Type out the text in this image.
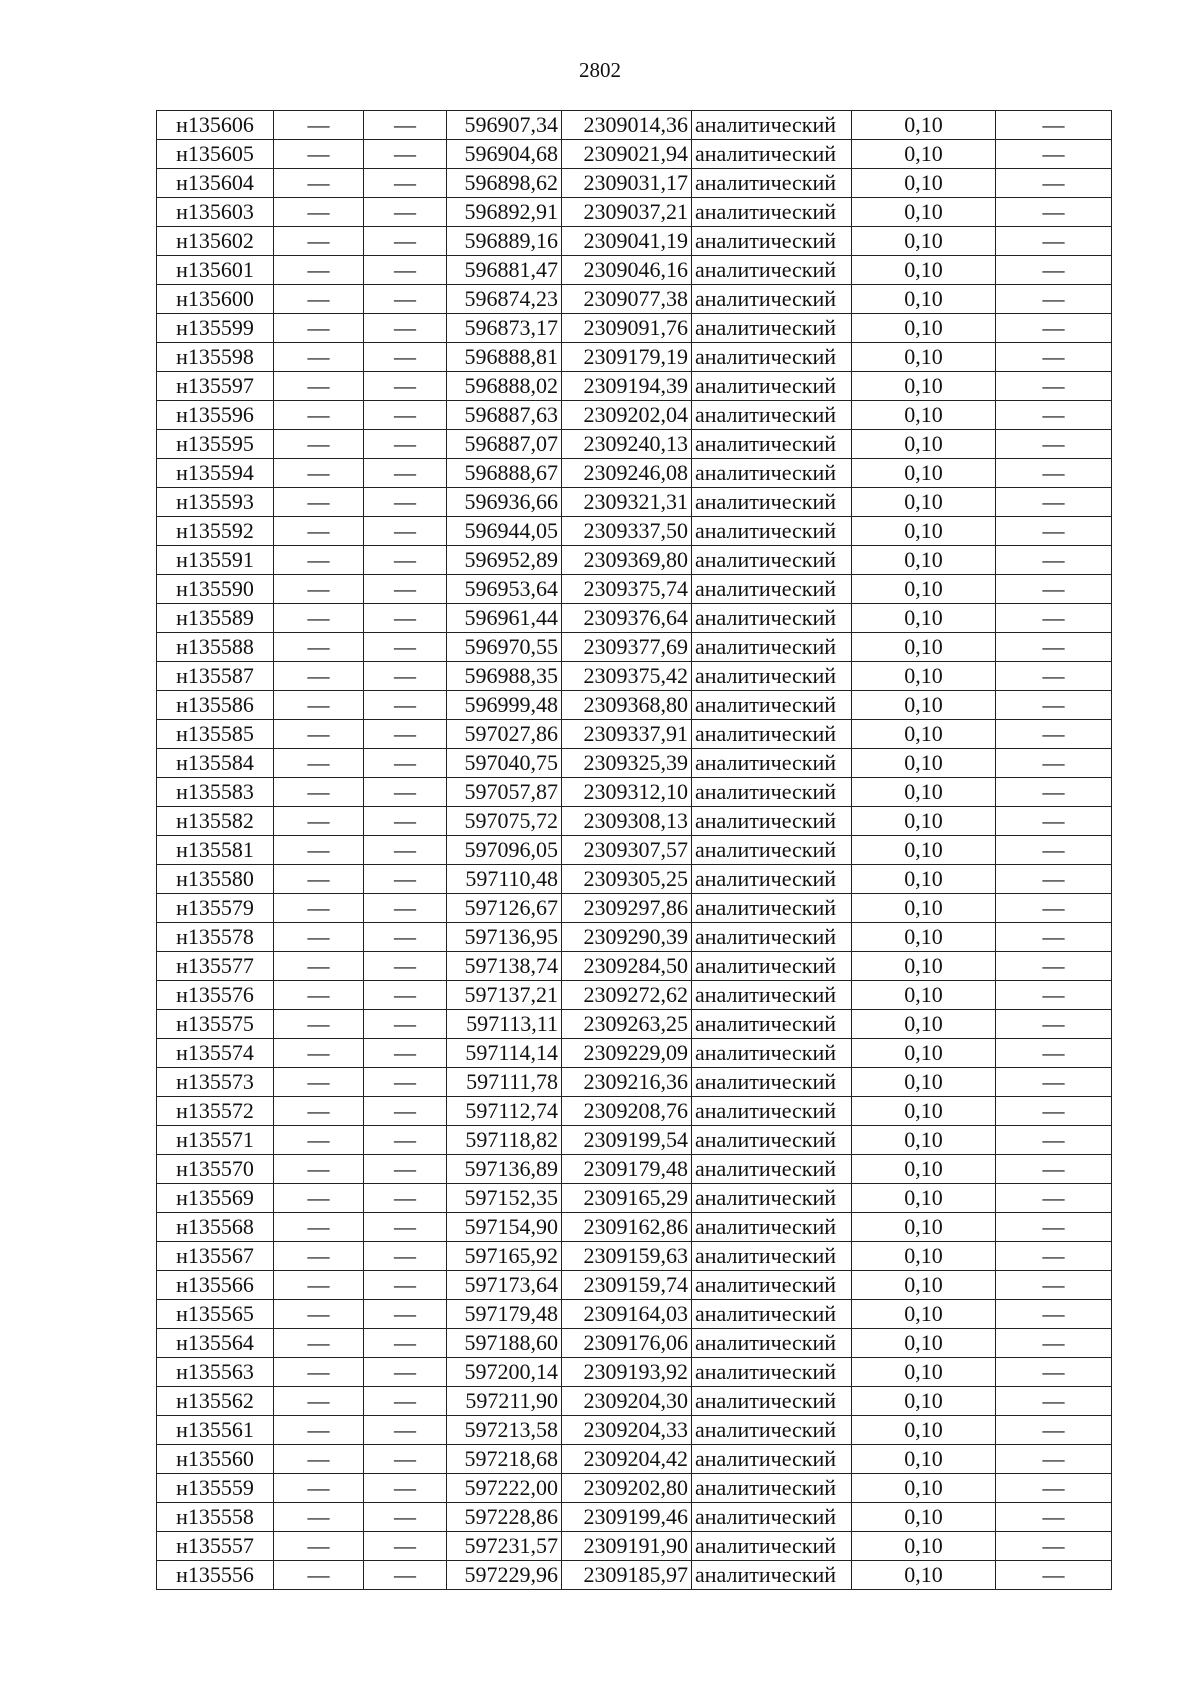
2802
н135606	—	—	596907,34	2309014,36	аналитический	0,10	—
н135605	—	—	596904,68	2309021,94	аналитический	0,10	—
н135604	—	—	596898,62	2309031,17	аналитический	0,10	—
н135603	—	—	596892,91	2309037,21	аналитический	0,10	—
н135602	—	—	596889,16	2309041,19	аналитический	0,10	—
н135601	—	—	596881,47	2309046,16	аналитический	0,10	—
н135600	—	—	596874,23	2309077,38	аналитический	0,10	—
н135599	—	—	596873,17	2309091,76	аналитический	0,10	—
н135598	—	—	596888,81	2309179,19	аналитический	0,10	—
н135597	—	—	596888,02	2309194,39	аналитический	0,10	—
н135596	—	—	596887,63	2309202,04	аналитический	0,10	—
н135595	—	—	596887,07	2309240,13	аналитический	0,10	—
н135594	—	—	596888,67	2309246,08	аналитический	0,10	—
н135593	—	—	596936,66	2309321,31	аналитический	0,10	—
н135592	—	—	596944,05	2309337,50	аналитический	0,10	—
н135591	—	—	596952,89	2309369,80	аналитический	0,10	—
н135590	—	—	596953,64	2309375,74	аналитический	0,10	—
н135589	—	—	596961,44	2309376,64	аналитический	0,10	—
н135588	—	—	596970,55	2309377,69	аналитический	0,10	—
н135587	—	—	596988,35	2309375,42	аналитический	0,10	—
н135586	—	—	596999,48	2309368,80	аналитический	0,10	—
н135585	—	—	597027,86	2309337,91	аналитический	0,10	—
н135584	—	—	597040,75	2309325,39	аналитический	0,10	—
н135583	—	—	597057,87	2309312,10	аналитический	0,10	—
н135582	—	—	597075,72	2309308,13	аналитический	0,10	—
н135581	—	—	597096,05	2309307,57	аналитический	0,10	—
н135580	—	—	597110,48	2309305,25	аналитический	0,10	—
н135579	—	—	597126,67	2309297,86	аналитический	0,10	—
н135578	—	—	597136,95	2309290,39	аналитический	0,10	—
н135577	—	—	597138,74	2309284,50	аналитический	0,10	—
н135576	—	—	597137,21	2309272,62	аналитический	0,10	—
н135575	—	—	597113,11	2309263,25	аналитический	0,10	—
н135574	—	—	597114,14	2309229,09	аналитический	0,10	—
н135573	—	—	597111,78	2309216,36	аналитический	0,10	—
н135572	—	—	597112,74	2309208,76	аналитический	0,10	—
н135571	—	—	597118,82	2309199,54	аналитический	0,10	—
н135570	—	—	597136,89	2309179,48	аналитический	0,10	—
н135569	—	—	597152,35	2309165,29	аналитический	0,10	—
н135568	—	—	597154,90	2309162,86	аналитический	0,10	—
н135567	—	—	597165,92	2309159,63	аналитический	0,10	—
н135566	—	—	597173,64	2309159,74	аналитический	0,10	—
н135565	—	—	597179,48	2309164,03	аналитический	0,10	—
н135564	—	—	597188,60	2309176,06	аналитический	0,10	—
н135563	—	—	597200,14	2309193,92	аналитический	0,10	—
н135562	—	—	597211,90	2309204,30	аналитический	0,10	—
н135561	—	—	597213,58	2309204,33	аналитический	0,10	—
н135560	—	—	597218,68	2309204,42	аналитический	0,10	—
н135559	—	—	597222,00	2309202,80	аналитический	0,10	—
н135558	—	—	597228,86	2309199,46	аналитический	0,10	—
н135557	—	—	597231,57	2309191,90	аналитический	0,10	—
н135556	—	—	597229,96	2309185,97	аналитический	0,10	—
